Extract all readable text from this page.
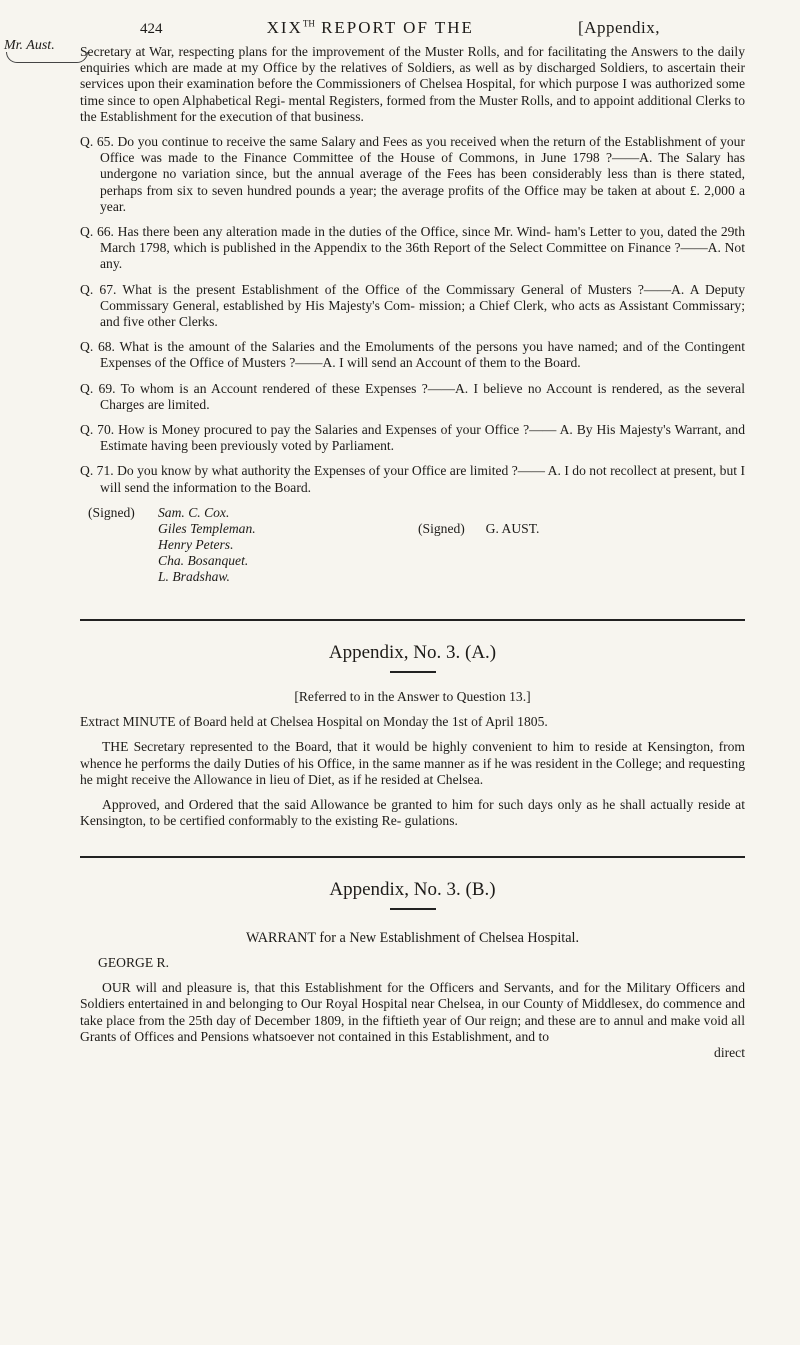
424	XIXTH REPORT OF THE	[Appendix,
Mr. Aust. Secretary at War, respecting plans for the improvement of the Muster Rolls, and for facilitating the Answers to the daily enquiries which are made at my Office by the relatives of Soldiers, as well as by discharged Soldiers, to ascertain their services upon their examination before the Commissioners of Chelsea Hospital, for which purpose I was authorized some time since to open Alphabetical Regi- mental Registers, formed from the Muster Rolls, and to appoint additional Clerks to the Establishment for the execution of that business.

Q. 65. Do you continue to receive the same Salary and Fees as you received when the return of the Establishment of your Office was made to the Finance Committee of the House of Commons, in June 1798 ?——A. The Salary has undergone no variation since, but the annual average of the Fees has been considerably less than is there stated, perhaps from six to seven hundred pounds a year; the average profits of the Office may be taken at about £. 2,000 a year.

Q. 66. Has there been any alteration made in the duties of the Office, since Mr. Wind- ham's Letter to you, dated the 29th March 1798, which is published in the Appendix to the 36th Report of the Select Committee on Finance ?——A. Not any.

Q. 67. What is the present Establishment of the Office of the Commissary General of Musters ?——A. A Deputy Commissary General, established by His Majesty's Com- mission; a Chief Clerk, who acts as Assistant Commissary; and five other Clerks.

Q. 68. What is the amount of the Salaries and the Emoluments of the persons you have named; and of the Contingent Expenses of the Office of Musters ?——A. I will send an Account of them to the Board.

Q. 69. To whom is an Account rendered of these Expenses ?——A. I believe no Account is rendered, as the several Charges are limited.

Q. 70. How is Money procured to pay the Salaries and Expenses of your Office ?—— A. By His Majesty's Warrant, and Estimate having been previously voted by Parliament.

Q. 71. Do you know by what authority the Expenses of your Office are limited ?—— A. I do not recollect at present, but I will send the information to the Board.

(Signed)	Sam. C. Cox.
Giles Templeman.
Henry Peters.
Cha. Bosanquet.
L. Bradshaw.
(Signed) G. AUST.
Appendix, No. 3. (A.)

[Referred to in the Answer to Question 13.]

Extract MINUTE of Board held at Chelsea Hospital on Monday the 1st of April 1805.

THE Secretary represented to the Board, that it would be highly convenient to him to reside at Kensington, from whence he performs the daily Duties of his Office, in the same manner as if he was resident in the College; and requesting he might receive the Allowance in lieu of Diet, as if he resided at Chelsea.

Approved, and Ordered that the said Allowance be granted to him for such days only as he shall actually reside at Kensington, to be certified conformably to the existing Re- gulations.

Appendix, No. 3. (B.)

WARRANT for a New Establishment of Chelsea Hospital.

GEORGE R.

OUR will and pleasure is, that this Establishment for the Officers and Servants, and for the Military Officers and Soldiers entertained in and belonging to Our Royal Hospital near Chelsea, in our County of Middlesex, do commence and take place from the 25th day of December 1809, in the fiftieth year of Our reign; and these are to annul and make void all Grants of Offices and Pensions whatsoever not contained in this Establishment, and to

direct
